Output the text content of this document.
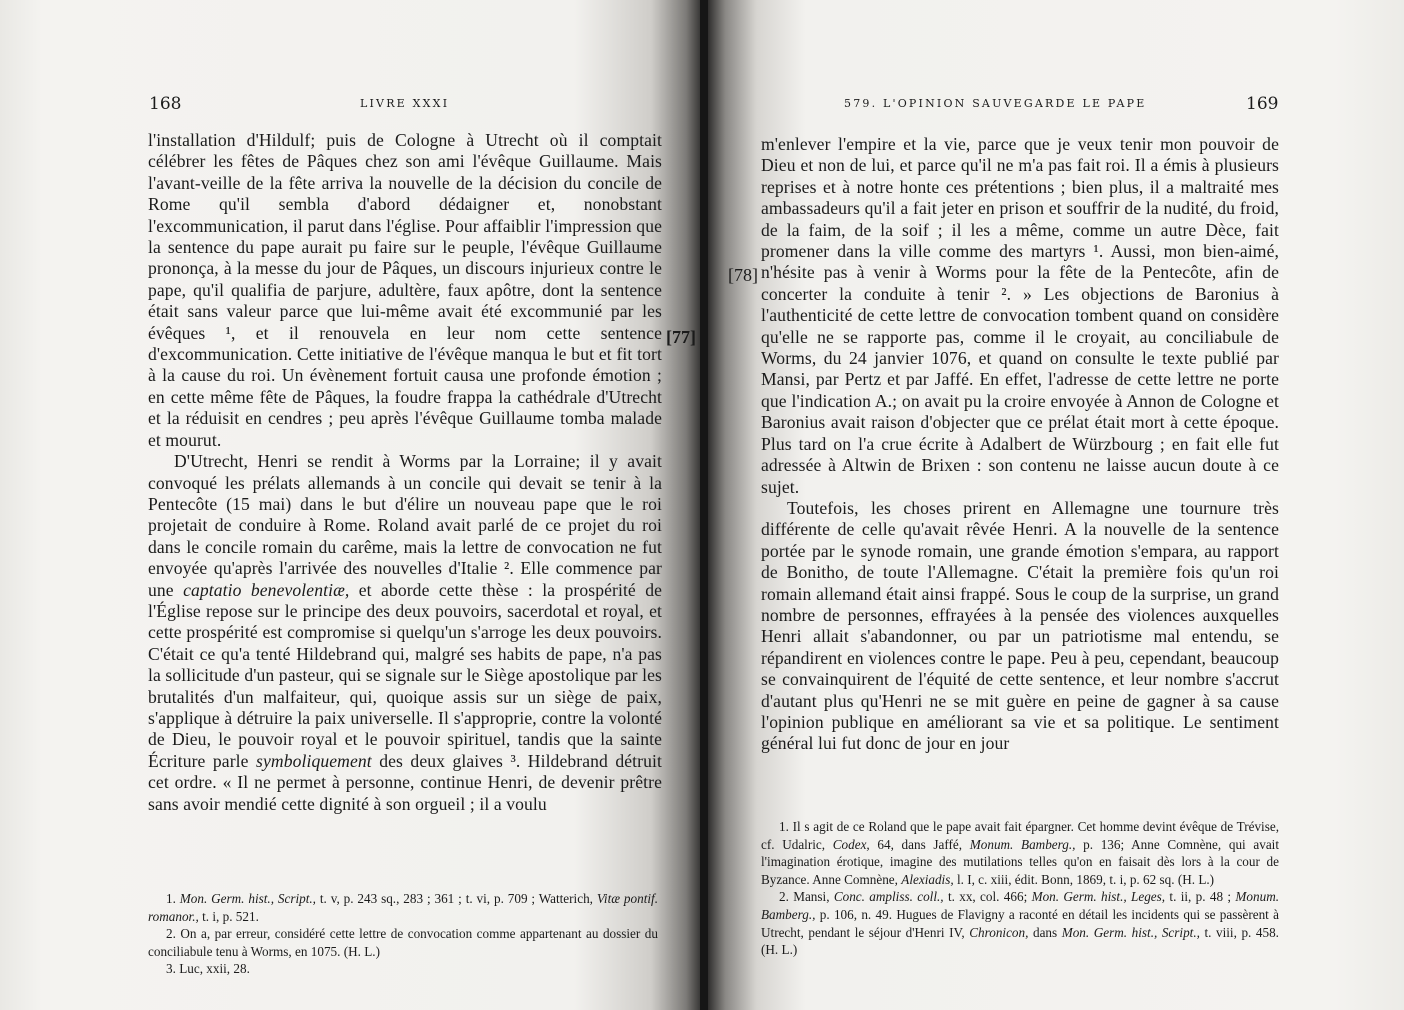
168	LIVRE XXXI

l'installation d'Hildulf; puis de Cologne à Utrecht où il comptait célébrer les fêtes de Pâques chez son ami l'évêque Guillaume. Mais l'avant-veille de la fête arriva la nouvelle de la décision du concile de Rome qu'il sembla d'abord dédaigner et, nonobstant l'excommunication, il parut dans l'église. Pour affaiblir l'impression que la sentence du pape aurait pu faire sur le peuple, l'évêque Guillaume prononça, à la messe du jour de Pâques, un discours injurieux contre le pape, qu'il qualifia de parjure, adultère, faux apôtre, dont la sentence était sans valeur parce que lui-même avait été excommunié par les évêques ¹, et il renouvela en leur nom cette sentence d'excommunication. Cette initiative de l'évêque manqua le but et fit tort à la cause du roi. Un évènement fortuit causa une profonde émotion ; en cette même fête de Pâques, la foudre frappa la cathédrale d'Utrecht et la réduisit en cendres ; peu après l'évêque Guillaume tomba malade et mourut.

D'Utrecht, Henri se rendit à Worms par la Lorraine; il y avait convoqué les prélats allemands à un concile qui devait se tenir à la Pentecôte (15 mai) dans le but d'élire un nouveau pape que le roi projetait de conduire à Rome. Roland avait parlé de ce projet du roi dans le concile romain du carême, mais la lettre de convocation ne fut envoyée qu'après l'arrivée des nouvelles d'Italie ². Elle commence par une captatio benevolentiæ, et aborde cette thèse : la prospérité de l'Église repose sur le principe des deux pouvoirs, sacerdotal et royal, et cette prospérité est compromise si quelqu'un s'arroge les deux pouvoirs. C'était ce qu'a tenté Hildebrand qui, malgré ses habits de pape, n'a pas la sollicitude d'un pasteur, qui se signale sur le Siège apostolique par les brutalités d'un malfaiteur, qui, quoique assis sur un siège de paix, s'applique à détruire la paix universelle. Il s'approprie, contre la volonté de Dieu, le pouvoir royal et le pouvoir spirituel, tandis que la sainte Écriture parle symboliquement des deux glaives ³. Hildebrand détruit cet ordre. « Il ne permet à personne, continue Henri, de devenir prêtre sans avoir mendié cette dignité à son orgueil ; il a voulu

1. Mon. Germ. hist., Script., t. v, p. 243 sq., 283 ; 361 ; t. vi, p. 709 ; Watterich, Vitæ pontif. romanor., t. i, p. 521.

2. On a, par erreur, considéré cette lettre de convocation comme appartenant au dossier du conciliabule tenu à Worms, en 1075. (H. L.)

3. Luc, xxii, 28.

[77]
579. L'OPINION SAUVEGARDE LE PAPE	169
[78]

m'enlever l'empire et la vie, parce que je veux tenir mon pouvoir de Dieu et non de lui, et parce qu'il ne m'a pas fait roi. Il a émis à plusieurs reprises et à notre honte ces prétentions ; bien plus, il a maltraité mes ambassadeurs qu'il a fait jeter en prison et souffrir de la nudité, du froid, de la faim, de la soif ; il les a même, comme un autre Dèce, fait promener dans la ville comme des martyrs ¹. Aussi, mon bien-aimé, n'hésite pas à venir à Worms pour la fête de la Pentecôte, afin de concerter la conduite à tenir ². » Les objections de Baronius à l'authenticité de cette lettre de convocation tombent quand on considère qu'elle ne se rapporte pas, comme il le croyait, au conciliabule de Worms, du 24 janvier 1076, et quand on consulte le texte publié par Mansi, par Pertz et par Jaffé. En effet, l'adresse de cette lettre ne porte que l'indication A.; on avait pu la croire envoyée à Annon de Cologne et Baronius avait raison d'objecter que ce prélat était mort à cette époque. Plus tard on l'a crue écrite à Adalbert de Würzbourg ; en fait elle fut adressée à Altwin de Brixen : son contenu ne laisse aucun doute à ce sujet.

Toutefois, les choses prirent en Allemagne une tournure très différente de celle qu'avait rêvée Henri. A la nouvelle de la sentence portée par le synode romain, une grande émotion s'empara, au rapport de Bonitho, de toute l'Allemagne. C'était la première fois qu'un roi romain allemand était ainsi frappé. Sous le coup de la surprise, un grand nombre de personnes, effrayées à la pensée des violences auxquelles Henri allait s'abandonner, ou par un patriotisme mal entendu, se répandirent en violences contre le pape. Peu à peu, cependant, beaucoup se convainquirent de l'équité de cette sentence, et leur nombre s'accrut d'autant plus qu'Henri ne se mit guère en peine de gagner à sa cause l'opinion publique en améliorant sa vie et sa politique. Le sentiment général lui fut donc de jour en jour

1. Il s agit de ce Roland que le pape avait fait épargner. Cet homme devint évêque de Trévise, cf. Udalric, Codex, 64, dans Jaffé, Monum. Bamberg., p. 136; Anne Comnène, qui avait l'imagination érotique, imagine des mutilations telles qu'on en faisait dès lors à la cour de Byzance. Anne Comnène, Alexiadis, l. I, c. xiii, édit. Bonn, 1869, t. i, p. 62 sq. (H. L.)

2. Mansi, Conc. ampliss. coll., t. xx, col. 466; Mon. Germ. hist., Leges, t. ii, p. 48 ; Monum. Bamberg., p. 106, n. 49. Hugues de Flavigny a raconté en détail les incidents qui se passèrent à Utrecht, pendant le séjour d'Henri IV, Chronicon, dans Mon. Germ. hist., Script., t. viii, p. 458. (H. L.)
